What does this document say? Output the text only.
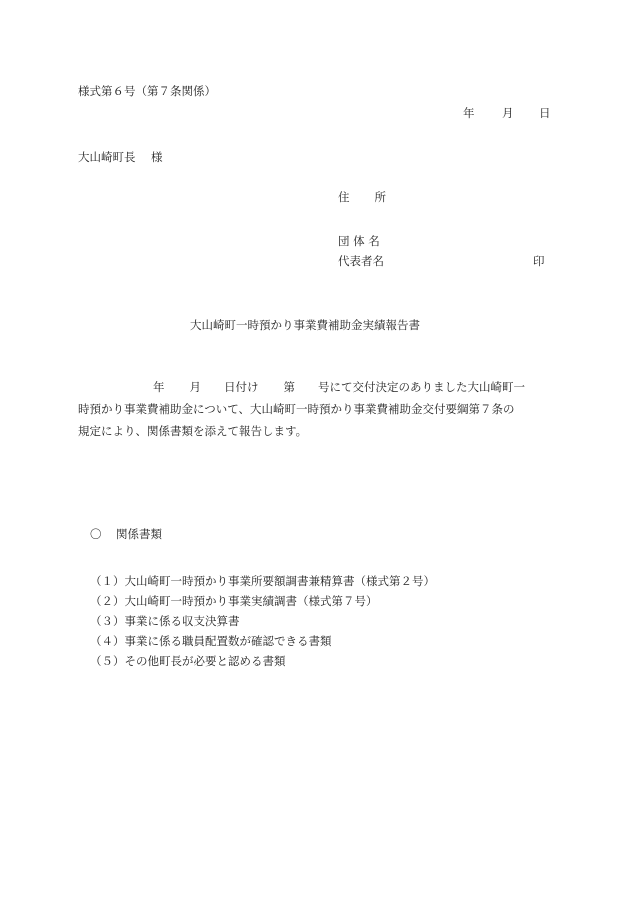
様式第６号（第７条関係）
年 月 日
大山崎町長 様
住 所
団 体 名
代表者名	印
大山崎町一時預かり事業費補助金実績報告書
年 月 日付け 第 号にて交付決定のありました大山崎町一
時預かり事業費補助金について、大山崎町一時預かり事業費補助金交付要綱第７条の
規定により、関係書類を添えて報告します。
〇 関係書類
（１）大山崎町一時預かり事業所要額調書兼精算書（様式第２号）
（２）大山崎町一時預かり事業実績調書（様式第７号）
（３）事業に係る収支決算書
（４）事業に係る職員配置数が確認できる書類
（５）その他町長が必要と認める書類
